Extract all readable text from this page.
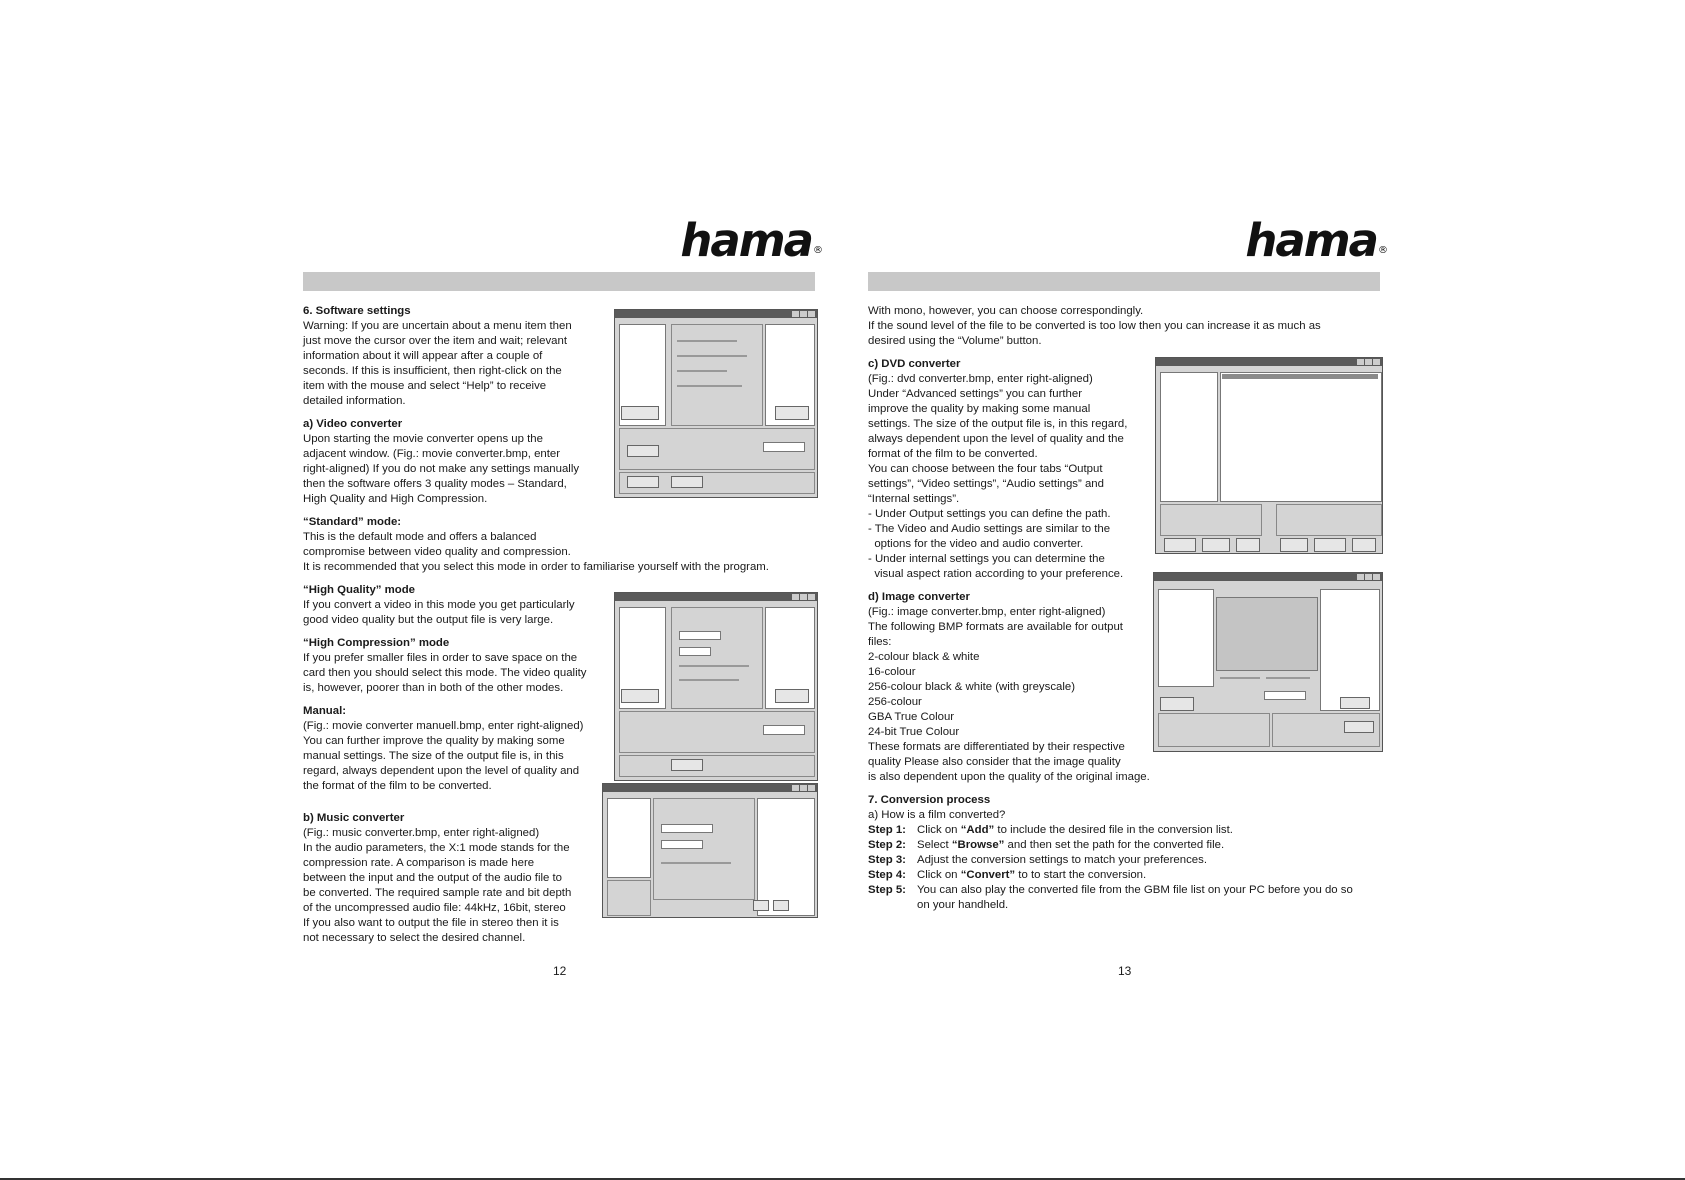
hama®

6. Software settings

Warning: If you are uncertain about a menu item then

just move the cursor over the item and wait; relevant

information about it will appear after a couple of

seconds. If this is insufficient, then right-click on the

item with the mouse and select “Help” to receive

detailed information.

a) Video converter

Upon starting the movie converter opens up the

adjacent window. (Fig.: movie converter.bmp, enter

right-aligned) If you do not make any settings manually

then the software offers 3 quality modes – Standard,

High Quality and High Compression.

“Standard” mode:

This is the default mode and offers a balanced

compromise between video quality and compression.

It is recommended that you select this mode in order to familiarise yourself with the program.

“High Quality” mode

If you convert a video in this mode you get particularly

good video quality but the output file is very large.

“High Compression” mode

If you prefer smaller files in order to save space on the

card then you should select this mode. The video quality

is, however, poorer than in both of the other modes.

Manual:

(Fig.: movie converter manuell.bmp, enter right-aligned)

You can further improve the quality by making some

manual settings. The size of the output file is, in this

regard, always dependent upon the level of quality and

the format of the film to be converted.

b) Music converter

(Fig.: music converter.bmp, enter right-aligned)

In the audio parameters, the X:1 mode stands for the

compression rate. A comparison is made here

between the input and the output of the audio file to

be converted. The required sample rate and bit depth

of the uncompressed audio file: 44kHz, 16bit, stereo

If you also want to output the file in stereo then it is

not necessary to select the desired channel.

12
hama®

With mono, however, you can choose correspondingly.

If the sound level of the file to be converted is too low then you can increase it as much as

desired using the “Volume” button.

c) DVD converter

(Fig.: dvd converter.bmp, enter right-aligned)

Under “Advanced settings” you can further

improve the quality by making some manual

settings. The size of the output file is, in this regard,

always dependent upon the level of quality and the

format of the film to be converted.

You can choose between the four tabs “Output

settings”, “Video settings”, “Audio settings” and

“Internal settings”.

- Under Output settings you can define the path.

- The Video and Audio settings are similar to the

options for the video and audio converter.

- Under internal settings you can determine the

visual aspect ration according to your preference.

d) Image converter

(Fig.: image converter.bmp, enter right-aligned)

The following BMP formats are available for output

files:

2-colour black & white

16-colour

256-colour black & white (with greyscale)

256-colour

GBA True Colour

24-bit True Colour

These formats are differentiated by their respective

quality Please also consider that the image quality

is also dependent upon the quality of the original image.

7. Conversion process

a) How is a film converted?

Step 1: Click on “Add” to include the desired file in the conversion list.
Step 2: Select “Browse” and then set the path for the converted file.
Step 3: Adjust the conversion settings to match your preferences.
Step 4: Click on “Convert” to to start the conversion.
Step 5: You can also play the converted file from the GBM file list on your PC before you do so
on your handheld.
13
